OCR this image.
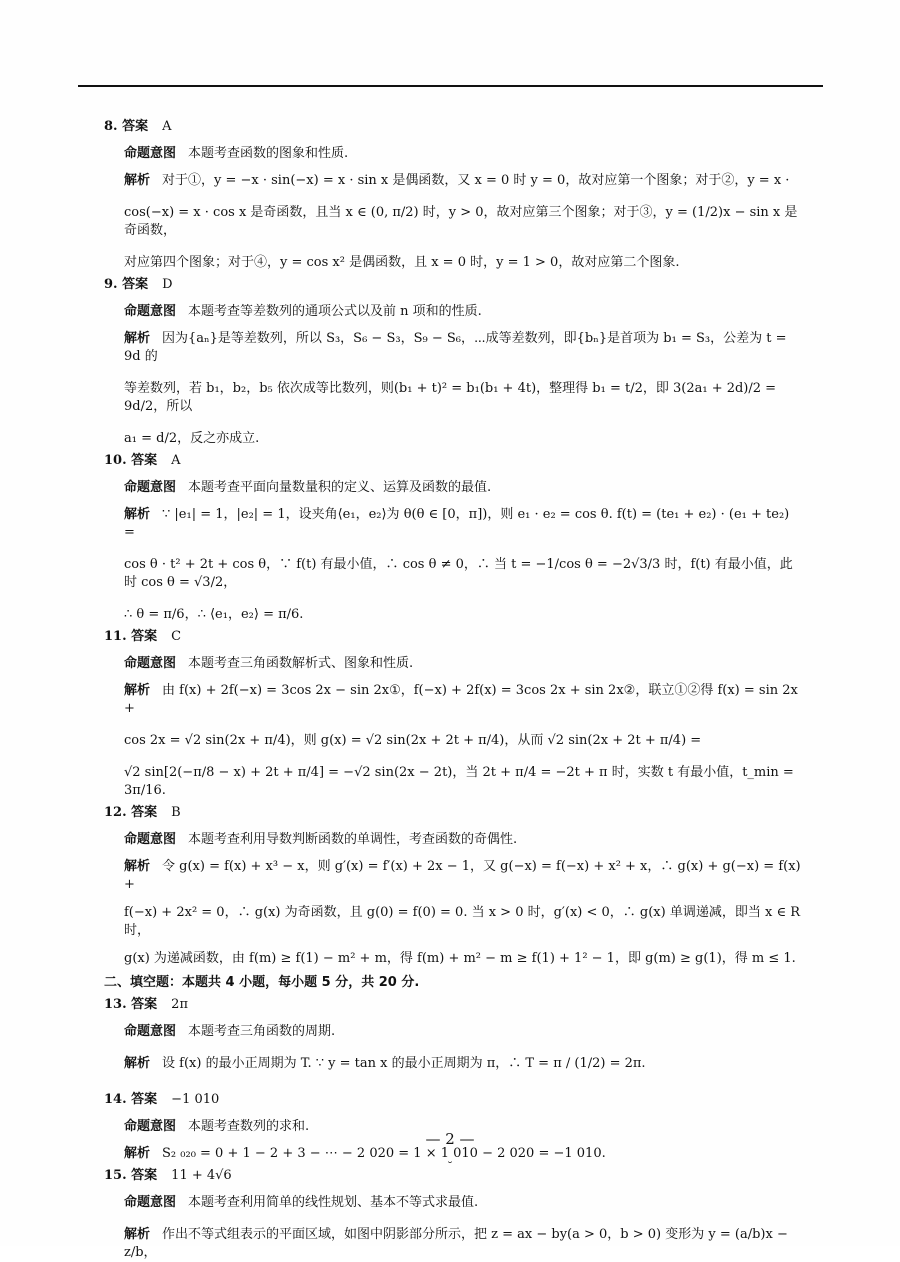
8. 答案 A
命题意图 本题考查函数的图象和性质.
解析 对于①，y = −x · sin(−x) = x · sin x 是偶函数，又 x = 0 时 y = 0，故对应第一个图象；对于②，y = x ·
cos(−x) = x · cos x 是奇函数，且当 x ∈ (0, π/2) 时，y > 0，故对应第三个图象；对于③，y = (1/2)x − sin x 是奇函数，
对应第四个图象；对于④，y = cos x² 是偶函数，且 x = 0 时，y = 1 > 0，故对应第二个图象.
9. 答案 D
命题意图 本题考查等差数列的通项公式以及前 n 项和的性质.
解析 因为{aₙ}是等差数列，所以 S₃，S₆ − S₃，S₉ − S₆，⋯成等差数列，即{bₙ}是首项为 b₁ = S₃，公差为 t = 9d 的
等差数列，若 b₁，b₂，b₅ 依次成等比数列，则(b₁ + t)² = b₁(b₁ + 4t)，整理得 b₁ = t/2，即 3(2a₁ + 2d)/2 = 9d/2，所以
a₁ = d/2，反之亦成立.
10. 答案 A
命题意图 本题考查平面向量数量积的定义、运算及函数的最值.
解析 ∵ |e₁| = 1，|e₂| = 1，设夹角⟨e₁，e₂⟩为 θ(θ ∈ [0，π])，则 e₁ · e₂ = cos θ. f(t) = (te₁ + e₂) · (e₁ + te₂) =
cos θ · t² + 2t + cos θ，∵ f(t) 有最小值，∴ cos θ ≠ 0，∴ 当 t = −1/cos θ = −2√3/3 时，f(t) 有最小值，此时 cos θ = √3/2，
∴ θ = π/6，∴ ⟨e₁，e₂⟩ = π/6.
11. 答案 C
命题意图 本题考查三角函数解析式、图象和性质.
解析 由 f(x) + 2f(−x) = 3cos 2x − sin 2x①，f(−x) + 2f(x) = 3cos 2x + sin 2x②，联立①②得 f(x) = sin 2x +
cos 2x = √2 sin(2x + π/4)，则 g(x) = √2 sin(2x + 2t + π/4)，从而 √2 sin(2x + 2t + π/4) =
√2 sin[2(−π/8 − x) + 2t + π/4] = −√2 sin(2x − 2t)，当 2t + π/4 = −2t + π 时，实数 t 有最小值，t_min = 3π/16.
12. 答案 B
命题意图 本题考查利用导数判断函数的单调性，考查函数的奇偶性.
解析 令 g(x) = f(x) + x³ − x，则 g′(x) = f′(x) + 2x − 1，又 g(−x) = f(−x) + x² + x，∴ g(x) + g(−x) = f(x) +
f(−x) + 2x² = 0，∴ g(x) 为奇函数，且 g(0) = f(0) = 0. 当 x > 0 时，g′(x) < 0，∴ g(x) 单调递减，即当 x ∈ R 时，
g(x) 为递减函数，由 f(m) ≥ f(1) − m² + m，得 f(m) + m² − m ≥ f(1) + 1² − 1，即 g(m) ≥ g(1)，得 m ≤ 1.
二、填空题：本题共 4 小题，每小题 5 分，共 20 分.
13. 答案 2π
命题意图 本题考查三角函数的周期.
解析 设 f(x) 的最小正周期为 T. ∵ y = tan x 的最小正周期为 π，∴ T = π / (1/2) = 2π.
14. 答案 −1 010
命题意图 本题考查数列的求和.
解析 S₂ ₀₂₀ = 0 + 1 − 2 + 3 − ⋯ − 2 020 = 1 × 1 010 − 2 020 = −1 010.
15. 答案 11 + 4√6
命题意图 本题考查利用简单的线性规划、基本不等式求最值.
解析 作出不等式组表示的平面区域，如图中阴影部分所示，把 z = ax − by(a > 0，b > 0) 变形为 y = (a/b)x − z/b，
— 2 —
˘
